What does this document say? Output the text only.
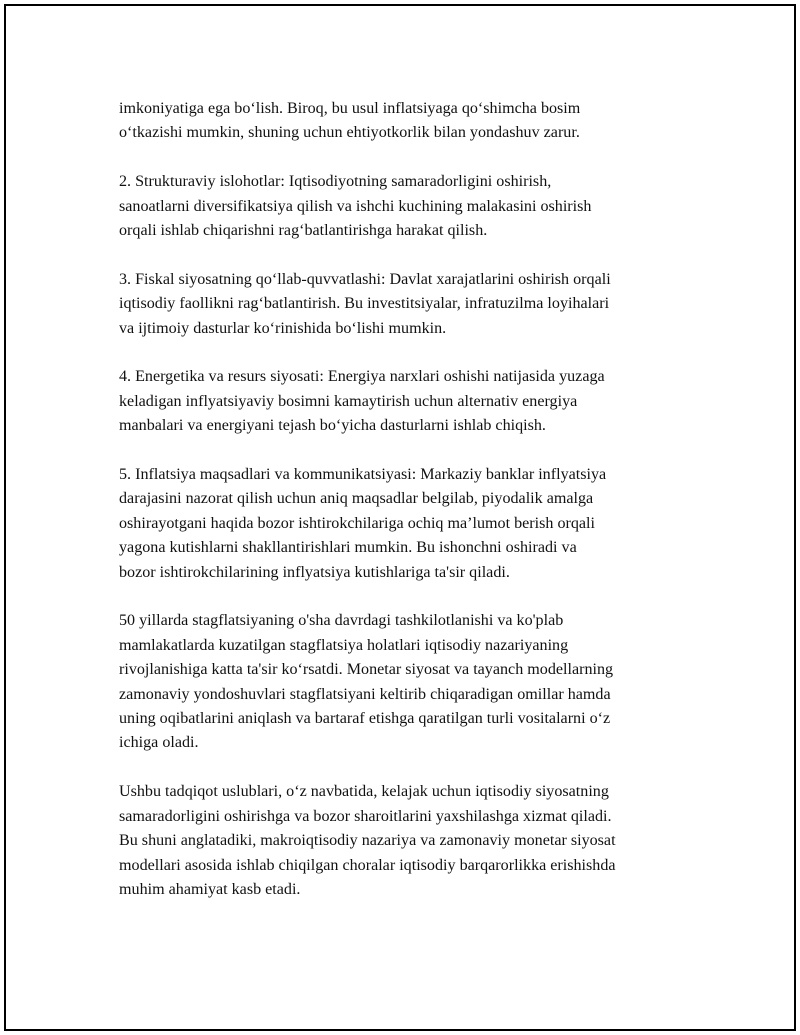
imkoniyatiga ega bo‘lish. Biroq, bu usul inflatsiyaga qo‘shimcha bosim
o‘tkazishi mumkin, shuning uchun ehtiyotkorlik bilan yondashuv zarur.

2. Strukturaviy islohotlar: Iqtisodiyotning samaradorligini oshirish,
sanoatlarni diversifikatsiya qilish va ishchi kuchining malakasini oshirish
orqali ishlab chiqarishni rag‘batlantirishga harakat qilish.

3. Fiskal siyosatning qo‘llab-quvvatlashi: Davlat xarajatlarini oshirish orqali
iqtisodiy faollikni rag‘batlantirish. Bu investitsiyalar, infratuzilma loyihalari
va ijtimoiy dasturlar ko‘rinishida bo‘lishi mumkin.

4. Energetika va resurs siyosati: Energiya narxlari oshishi natijasida yuzaga
keladigan inflyatsiyaviy bosimni kamaytirish uchun alternativ energiya
manbalari va energiyani tejash bo‘yicha dasturlarni ishlab chiqish.

5. Inflatsiya maqsadlari va kommunikatsiyasi: Markaziy banklar inflyatsiya
darajasini nazorat qilish uchun aniq maqsadlar belgilab, piyodalik amalga
oshirayotgani haqida bozor ishtirokchilariga ochiq ma’lumot berish orqali
yagona kutishlarni shakllantirishlari mumkin. Bu ishonchni oshiradi va
bozor ishtirokchilarining inflyatsiya kutishlariga ta'sir qiladi.

50 yillarda stagflatsiyaning o'sha davrdagi tashkilotlanishi va ko'plab
mamlakatlarda kuzatilgan stagflatsiya holatlari iqtisodiy nazariyaning
rivojlanishiga katta ta'sir ko‘rsatdi. Monetar siyosat va tayanch modellarning
zamonaviy yondoshuvlari stagflatsiyani keltirib chiqaradigan omillar hamda
uning oqibatlarini aniqlash va bartaraf etishga qaratilgan turli vositalarni o‘z
ichiga oladi.

Ushbu tadqiqot uslublari, o‘z navbatida, kelajak uchun iqtisodiy siyosatning
samaradorligini oshirishga va bozor sharoitlarini yaxshilashga xizmat qiladi.
Bu shuni anglatadiki, makroiqtisodiy nazariya va zamonaviy monetar siyosat
modellari asosida ishlab chiqilgan choralar iqtisodiy barqarorlikka erishishda
muhim ahamiyat kasb etadi.
